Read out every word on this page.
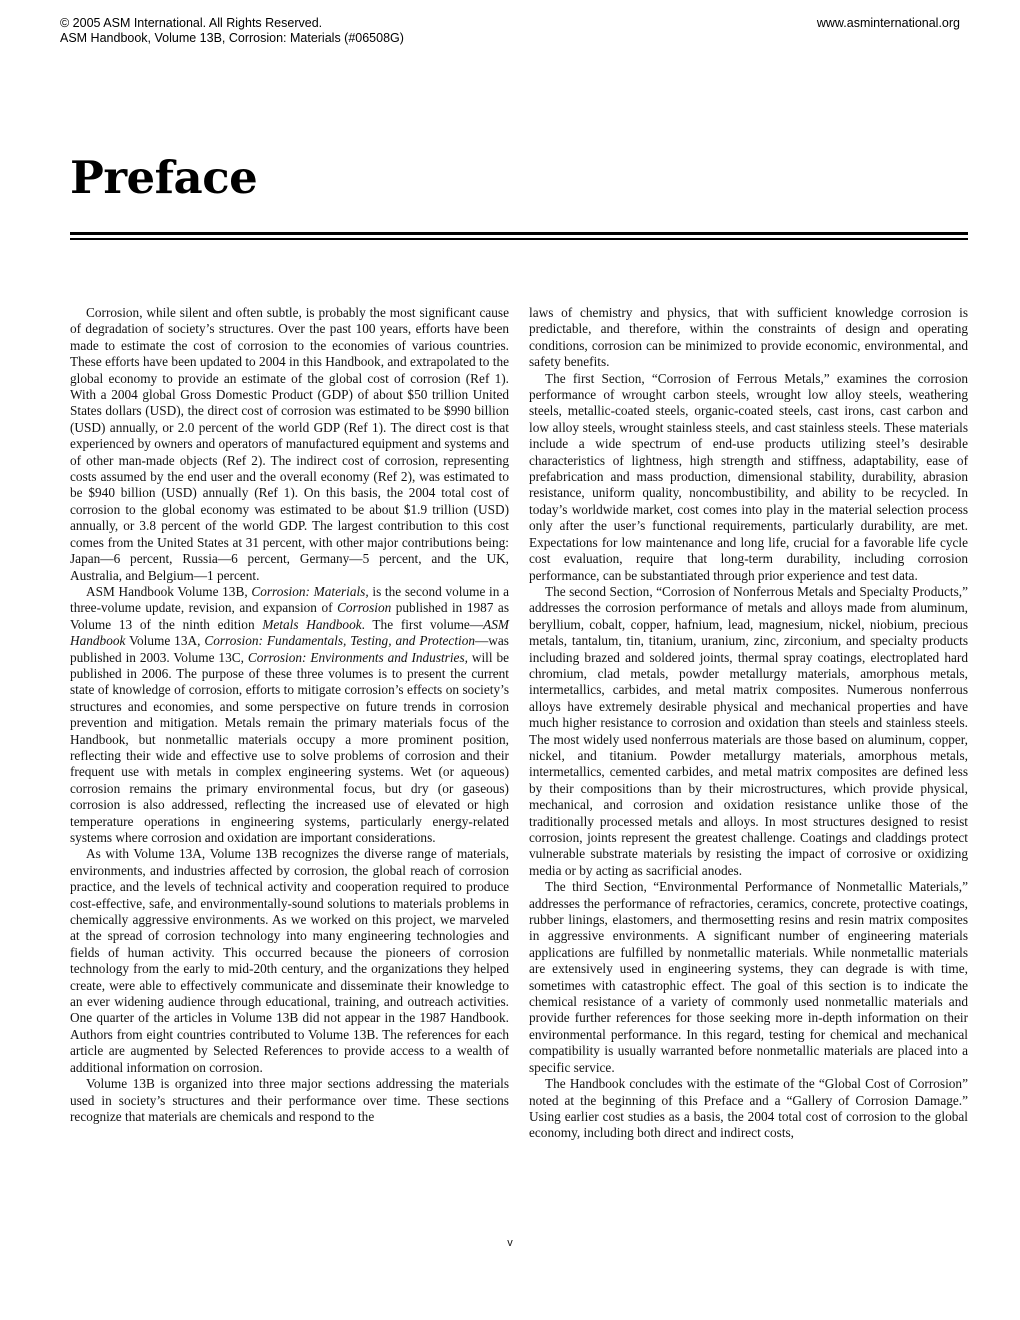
© 2005 ASM International. All Rights Reserved.
ASM Handbook, Volume 13B, Corrosion: Materials (#06508G)
www.asminternational.org
Preface

Corrosion, while silent and often subtle, is probably the most significant cause of degradation of society’s structures. Over the past 100 years, efforts have been made to estimate the cost of corrosion to the economies of various countries. These efforts have been updated to 2004 in this Handbook, and extrapolated to the global economy to provide an estimate of the global cost of corrosion (Ref 1). With a 2004 global Gross Domestic Product (GDP) of about $50 trillion United States dollars (USD), the direct cost of corrosion was estimated to be $990 billion (USD) annually, or 2.0 percent of the world GDP (Ref 1). The direct cost is that experienced by owners and operators of manufactured equipment and systems and of other man-made objects (Ref 2). The indirect cost of corrosion, representing costs assumed by the end user and the overall economy (Ref 2), was estimated to be $940 billion (USD) annually (Ref 1). On this basis, the 2004 total cost of corrosion to the global economy was estimated to be about $1.9 trillion (USD) annually, or 3.8 percent of the world GDP. The largest contribution to this cost comes from the United States at 31 percent, with other major contributions being: Japan—6 percent, Russia—6 percent, Germany—5 percent, and the UK, Australia, and Belgium—1 percent.

ASM Handbook Volume 13B, Corrosion: Materials, is the second volume in a three-volume update, revision, and expansion of Corrosion published in 1987 as Volume 13 of the ninth edition Metals Handbook. The first volume—ASM Handbook Volume 13A, Corrosion: Fundamentals, Testing, and Protection—was published in 2003. Volume 13C, Corrosion: Environments and Industries, will be published in 2006. The purpose of these three volumes is to present the current state of knowledge of corrosion, efforts to mitigate corrosion’s effects on society’s structures and economies, and some perspective on future trends in corrosion prevention and mitigation. Metals remain the primary materials focus of the Handbook, but nonmetallic materials occupy a more prominent position, reflecting their wide and effective use to solve problems of corrosion and their frequent use with metals in complex engineering systems. Wet (or aqueous) corrosion remains the primary environmental focus, but dry (or gaseous) corrosion is also addressed, reflecting the increased use of elevated or high temperature operations in engineering systems, particularly energy-related systems where corrosion and oxidation are important considerations.

As with Volume 13A, Volume 13B recognizes the diverse range of materials, environments, and industries affected by corrosion, the global reach of corrosion practice, and the levels of technical activity and cooperation required to produce cost-effective, safe, and environmentally-sound solutions to materials problems in chemically aggressive environments. As we worked on this project, we marveled at the spread of corrosion technology into many engineering technologies and fields of human activity. This occurred because the pioneers of corrosion technology from the early to mid-20th century, and the organizations they helped create, were able to effectively communicate and disseminate their knowledge to an ever widening audience through educational, training, and outreach activities. One quarter of the articles in Volume 13B did not appear in the 1987 Handbook. Authors from eight countries contributed to Volume 13B. The references for each article are augmented by Selected References to provide access to a wealth of additional information on corrosion.

Volume 13B is organized into three major sections addressing the materials used in society’s structures and their performance over time. These sections recognize that materials are chemicals and respond to the

laws of chemistry and physics, that with sufficient knowledge corrosion is predictable, and therefore, within the constraints of design and operating conditions, corrosion can be minimized to provide economic, environmental, and safety benefits.

The first Section, “Corrosion of Ferrous Metals,” examines the corrosion performance of wrought carbon steels, wrought low alloy steels, weathering steels, metallic-coated steels, organic-coated steels, cast irons, cast carbon and low alloy steels, wrought stainless steels, and cast stainless steels. These materials include a wide spectrum of end-use products utilizing steel’s desirable characteristics of lightness, high strength and stiffness, adaptability, ease of prefabrication and mass production, dimensional stability, durability, abrasion resistance, uniform quality, noncombustibility, and ability to be recycled. In today’s worldwide market, cost comes into play in the material selection process only after the user’s functional requirements, particularly durability, are met. Expectations for low maintenance and long life, crucial for a favorable life cycle cost evaluation, require that long-term durability, including corrosion performance, can be substantiated through prior experience and test data.

The second Section, “Corrosion of Nonferrous Metals and Specialty Products,” addresses the corrosion performance of metals and alloys made from aluminum, beryllium, cobalt, copper, hafnium, lead, magnesium, nickel, niobium, precious metals, tantalum, tin, titanium, uranium, zinc, zirconium, and specialty products including brazed and soldered joints, thermal spray coatings, electroplated hard chromium, clad metals, powder metallurgy materials, amorphous metals, intermetallics, carbides, and metal matrix composites. Numerous nonferrous alloys have extremely desirable physical and mechanical properties and have much higher resistance to corrosion and oxidation than steels and stainless steels. The most widely used nonferrous materials are those based on aluminum, copper, nickel, and titanium. Powder metallurgy materials, amorphous metals, intermetallics, cemented carbides, and metal matrix composites are defined less by their compositions than by their microstructures, which provide physical, mechanical, and corrosion and oxidation resistance unlike those of the traditionally processed metals and alloys. In most structures designed to resist corrosion, joints represent the greatest challenge. Coatings and claddings protect vulnerable substrate materials by resisting the impact of corrosive or oxidizing media or by acting as sacrificial anodes.

The third Section, “Environmental Performance of Nonmetallic Materials,” addresses the performance of refractories, ceramics, concrete, protective coatings, rubber linings, elastomers, and thermosetting resins and resin matrix composites in aggressive environments. A significant number of engineering materials applications are fulfilled by nonmetallic materials. While nonmetallic materials are extensively used in engineering systems, they can degrade is with time, sometimes with catastrophic effect. The goal of this section is to indicate the chemical resistance of a variety of commonly used nonmetallic materials and provide further references for those seeking more in-depth information on their environmental performance. In this regard, testing for chemical and mechanical compatibility is usually warranted before nonmetallic materials are placed into a specific service.

The Handbook concludes with the estimate of the “Global Cost of Corrosion” noted at the beginning of this Preface and a “Gallery of Corrosion Damage.” Using earlier cost studies as a basis, the 2004 total cost of corrosion to the global economy, including both direct and indirect costs,

v
